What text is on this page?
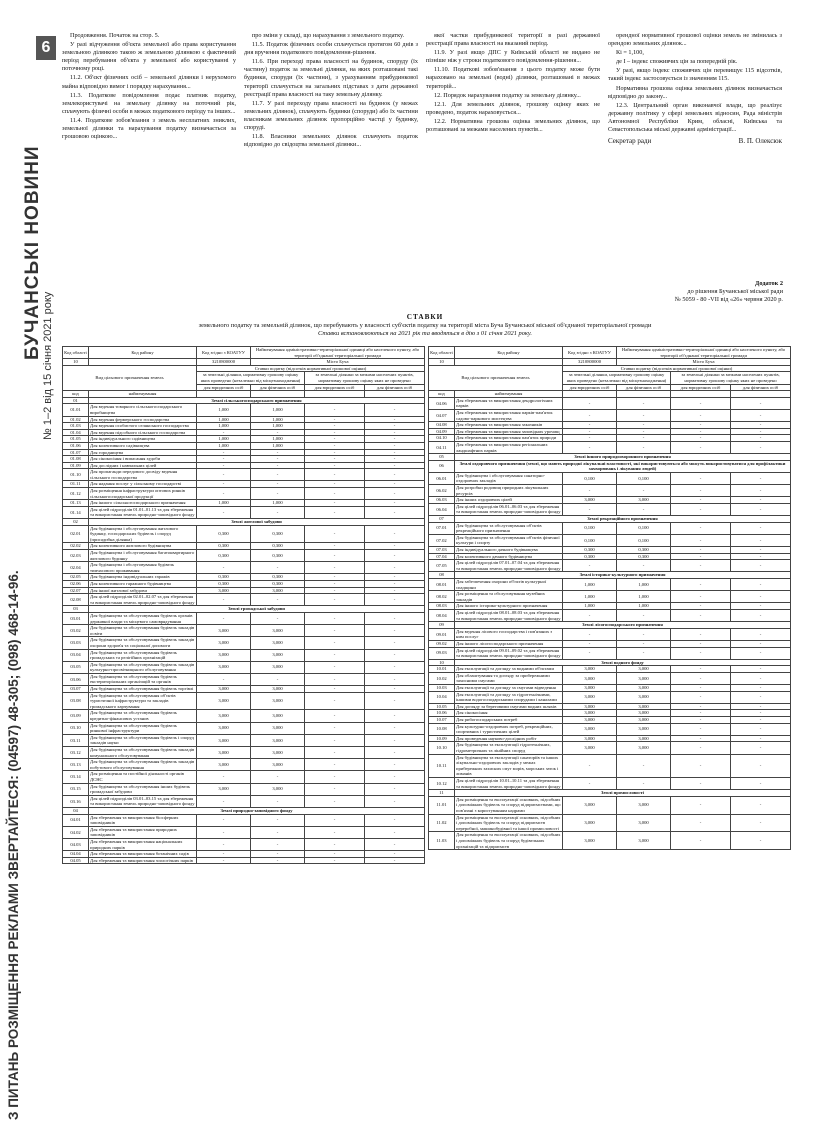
6
БУЧАНСЬКІ НОВИНИ
№ 1–2 від 15 січня 2021 року
З ПИТАНЬ РОЗМІЩЕННЯ РЕКЛАМИ ЗВЕРТАЙТЕСЯ: (04597) 48-305; (098) 468-14-96.

Продовження. Початок на стор. 5.

У разі відчуження об'єкта земельної або права користування земельною ділянкою такою ж земельною ділянкою є фактичний період перебування об'єкта у земельної або користуванні у поточному році.

11.2. Об'єкт фізичних осіб – земельної ділянки і нерухомого майна відповідно вимог і порядку нарахування...

11.3. Податкове повідомлення подає платник податку, землекористувачі на земельну ділянку на поточний рік, сплачують фізичні особи в межах податкового періоду та інших...

11.4. Податкове зобов'язання з земель несплатних зниклих, земельної ділянки та нарахування податку визначається за грошовою оцінкою...

про зміни у складі, що нарахування з земельного податку.

11.5. Податок фізичних особи сплачується протягом 60 днів з дня вручення податкового повідомлення-рішення.

11.6. При переході права власності на будинок, споруду (їх частину) податок за земельні ділянки, на яких розташовані такі будинки, споруди (їх частини), з урахуванням прибудинкової території сплачується на загальних підставах з дати державної реєстрації права власності на таку земельну ділянку.

11.7. У разі переходу права власності на будинок (у межах земельних ділянок), сплачують будинки (споруди) або їх частини власникам земельних ділянок пропорційно частці у будинку, споруді.

11.8. Власники земельних ділянок сплачують податок відповідно до свідоцтва земельної ділянки...

якої частки прибудинкової території в разі державної реєстрації права власності на вказаний період.

11.9. У разі якщо ДПС у Київській області не видано не пізніше ніж у строки податкового повідомлення-рішення...

11.10. Податкові зобов'язання з цього податку може бути нараховано на земельні (водні) ділянки, розташовані в межах територій...

12. Порядок нарахування податку за земельну ділянку...

12.1. Для земельних ділянок, грошову оцінку яких не проведено, податок нараховується...

12.2. Нормативна грошова оцінка земельних ділянок, що розташовані за межами населених пунктів...

орендної нормативної грошової оцінки земель не змінилась з орендою земельних ділянок...

Кі = 1,100,

де І – індекс споживчих цін за попередній рік.

У разі, якщо індекс споживчих цін перевищує 115 відсотків, такий індекс застосовується із значенням 115.

Нормативна грошова оцінка земельних ділянок визначається відповідно до закону...

12.3. Центральний орган виконавчої влади, що реалізує державну політику у сфері земельних відносин, Рада міністрів Автономної Республіки Крим, обласні, Київська та Севастопольська міські державні адміністрації...

Секретар ради	В. П. Олексюк
Додаток 2
до рішення Бучанської міської ради
№ 5059 - 80 -VII від «26» червня 2020 р.
СТАВКИ
земельного податку та земельній ділянок, що перебувають у власності суб'єктів податку на території міста Буча Бучанської міської об'єднаної територіальної громади
Ставки встановлюються на 2021 рік та вводяться в дію з 01 січня 2021 року.
Код області	Код району	Код згідно з КОАТУУ	Найменування адміністративно-територіальної одиниці або населеного пункту, або території об'єднаної територіальної громади		
10		3210800000	Місто Буча		
Вид цільового призначення земель		Ставки податку (відсотків нормативної грошової оцінки)			
		за земельні ділянки, нормативну грошову оцінку яких проведено (незалежно від місцезнаходження)		за земельні ділянки за межами населених пунктів, нормативну грошову оцінку яких не проведено	
		для юридичних осіб	для фізичних осіб	для юридичних осіб	для фізичних осіб
код	найменування				
01	Землі сільськогосподарського призначення				
01.01	Для ведення товарного сільськогосподарського виробництва	1,000	1,000	-	-
01.02	Для ведення фермерського господарства	1,000	1,000	-	-
01.03	Для ведення особистого селянського господарства	1,000	1,000	-	-
01.04	Для ведення підсобного сільського господарства	-	-	-	-
01.05	Для індивідуального садівництва	1,000	1,000	-	-
01.06	Для колективного садівництва	1,000	1,000	-	-
01.07	Для городництва	-	-	-	-
01.08	Для сінокосіння і випасання худоби	-	-	-	-
01.09	Для дослідних і навчальних цілей	-	-	-	-
01.10	Для пропаганди передового досвіду ведення сільського господарства	-	-	-	-
01.11	Для надання послуг у сільському господарстві	-	-	-	-
01.12	Для розміщення інфраструктури оптових ринків сільськогосподарської продукції	-	-	-	-
01.13	Для іншого сільськогосподарського призначення	1,000	1,000	-	-
01.14	Для цілей підрозділів 01.01–01.13 та для збереження та використання земель природно-заповідного фонду	-	-	-	-
02	Землі житлової забудови				
02.01	Для будівництва і обслуговування житлового будинку, господарських будівель і споруд (присадибна ділянка)	0,300	0,300	-	-
02.02	Для колективного житлового будівництва	0,300	0,300	-	-
02.03	Для будівництва і обслуговування багатоквартирного житлового будинку	0,300	0,300	-	-
02.04	Для будівництва і обслуговування будівель тимчасового проживання	-	-	-	-
02.05	Для будівництва індивідуальних гаражів	0,300	0,300	-	-
02.06	Для колективного гаражного будівництва	0,300	0,300	-	-
02.07	Для іншої житлової забудови	3,000	3,000	-	-
02.08	Для цілей підрозділів 02.01–02.07 та для збереження та використання земель природно-заповідного фонду	-	-	-	-
03	Землі громадської забудови				
03.01	Для будівництва та обслуговування будівель органів державної влади та місцевого самоврядування	-	-	-	-
03.02	Для будівництва та обслуговування будівель закладів освіти	3,000	3,000	-	-
03.03	Для будівництва та обслуговування будівель закладів охорони здоров'я та соціальної допомоги	3,000	3,000	-	-
03.04	Для будівництва та обслуговування будівель громадських та релігійних організацій	3,000	3,000	-	-
03.05	Для будівництва та обслуговування будівель закладів культурно-просвітницького обслуговування	3,000	3,000	-	-
03.06	Для будівництва та обслуговування будівель екстериторіальних організацій та органів	-	-	-	-
03.07	Для будівництва та обслуговування будівель торгівлі	3,000	3,000	-	-
03.08	Для будівництва та обслуговування об'єктів туристичної інфраструктури та закладів громадського харчування	3,000	3,000	-	-
03.09	Для будівництва та обслуговування будівель кредитно-фінансових установ	3,000	3,000	-	-
03.10	Для будівництва та обслуговування будівель ринкової інфраструктури	3,000	3,000	-	-
03.11	Для будівництва та обслуговування будівель і споруд закладів науки	3,000	3,000	-	-
03.12	Для будівництва та обслуговування будівель закладів комунального обслуговування	3,000	3,000	-	-
03.13	Для будівництва та обслуговування будівель закладів побутового обслуговування	3,000	3,000	-	-
03.14	Для розміщення та постійної діяльності органів ДСНС	-	-	-	-
03.15	Для будівництва та обслуговування інших будівель громадської забудови	3,000	3,000	-	-
03.16	Для цілей підрозділів 03.01–03.15 та для збереження та використання земель природно-заповідного фонду	-	-	-	-
04	Землі природно-заповідного фонду				
04.01	Для збереження та використання біосферних заповідників	-	-	-	-
04.02	Для збереження та використання природних заповідників	-	-	-	-
04.03	Для збереження та використання національних природних парків	-	-	-	-
04.04	Для збереження та використання ботанічних садів	-	-	-	-
04.05	Для збереження та використання зоологічних парків	-	-	-	-
Код області	Код району	Код згідно з КОАТУУ	Найменування адміністративно-територіальної одиниці або населеного пункту, або території об'єднаної територіальної громади		
10		3210800000	Місто Буча		
Вид цільового призначення земель		Ставки податку (відсотків нормативної грошової оцінки)			
		за земельні ділянки, нормативну грошову оцінку яких проведено (незалежно від місцезнаходження)		за земельні ділянки за межами населених пунктів, нормативну грошову оцінку яких не проведено	
		для юридичних осіб	для фізичних осіб	для юридичних осіб	для фізичних осіб
код	найменування				
04.06	Для збереження та використання дендрологічних парків	-	-	-	-
04.07	Для збереження та використання парків-пам'яток садово-паркового мистецтва	-	-	-	-
04.08	Для збереження та використання заказників	-	-	-	-
04.09	Для збереження та використання заповідних урочищ	-	-	-	-
04.10	Для збереження та використання пам'яток природи	-	-	-	-
04.11	Для збереження та використання регіональних ландшафтних парків	-	-	-	-
05	Землі іншого природоохоронного призначення				
06	Землі оздоровчого призначення (землі, що мають природні лікувальні властивості, які використовуються або можуть використовуватися для профілактики захворювань і лікування людей)				
06.01	Для будівництва і обслуговування санаторно-оздоровчих закладів	0,100	0,100	-	-
06.02	Для розробки родовищ природних лікувальних ресурсів	-	-	-	-
06.03	Для інших оздоровчих цілей	3,000	3,000	-	-
06.04	Для цілей підрозділів 06.01–06.03 та для збереження та використання земель природно-заповідного фонду	-	-	-	-
07	Землі рекреаційного призначення				
07.01	Для будівництва та обслуговування об'єктів рекреаційного призначення	0,100	0,100	-	-
07.02	Для будівництва та обслуговування об'єктів фізичної культури і спорту	0,100	0,100	-	-
07.03	Для індивідуального дачного будівництва	0,300	0,300	-	-
07.04	Для колективного дачного будівництва	0,300	0,300	-	-
07.05	Для цілей підрозділів 07.01–07.04 та для збереження та використання земель природно-заповідного фонду	-	-	-	-
08	Землі історико-культурного призначення				
08.01	Для забезпечення охорони об'єктів культурної спадщини	1,000	1,000	-	-
08.02	Для розміщення та обслуговування музейних закладів	1,000	1,000	-	-
08.03	Для іншого історико-культурного призначення	1,000	1,000	-	-
08.04	Для цілей підрозділів 08.01–08.03 та для збереження та використання земель природно-заповідного фонду	-	-	-	-
09	Землі лісогосподарського призначення				
09.01	Для ведення лісового господарства і пов'язаних з ним послуг	-	-	-	-
09.02	Для іншого лісогосподарського призначення	-	-	-	-
09.03	Для цілей підрозділів 09.01–09.02 та для збереження та використання земель природно-заповідного фонду	-	-	-	-
10	Землі водного фонду				
10.01	Для експлуатації та догляду за водними об'єктами	3,000	3,000	-	-
10.02	Для облаштування та догляду за прибережними захисними смугами	3,000	3,000	-	-
10.03	Для експлуатації та догляду за смугами відведення	3,000	3,000	-	-
10.04	Для експлуатації та догляду за гідротехнічними, іншими водогосподарськими спорудами і каналами	3,000	3,000	-	-
10.05	Для догляду за береговими смугами водних шляхів	3,000	3,000	-	-
10.06	Для сінокосіння	3,000	3,000	-	-
10.07	Для рибогосподарських потреб	3,000	3,000	-	-
10.08	Для культурно-оздоровчих потреб, рекреаційних, спортивних і туристичних цілей	3,000	3,000	-	-
10.09	Для проведення науково-дослідних робіт	3,000	3,000	-	-
10.10	Для будівництва та експлуатації гідротехнічних, гідрометричних та лінійних споруд	3,000	3,000	-	-
10.11	Для будівництва та експлуатації санаторіїв та інших лікувально-оздоровчих закладів у межах прибережних захисних смуг морів, морських заток і лиманів	-	-	-	-
10.12	Для цілей підрозділів 10.01–10.11 та для збереження та використання земель природно-заповідного фонду	-	-	-	-
11	Землі промисловості				
11.01	Для розміщення та експлуатації основних, підсобних і допоміжних будівель та споруд підприємствами, що пов'язані з користуванням надрами	3,000	3,000	-	-
11.02	Для розміщення та експлуатації основних, підсобних і допоміжних будівель та споруд підприємств переробної, машинобудівної та іншої промисловості	3,000	3,000	-	-
11.03	Для розміщення та експлуатації основних, підсобних і допоміжних будівель та споруд будівельних організацій та підприємств	3,000	3,000	-	-
